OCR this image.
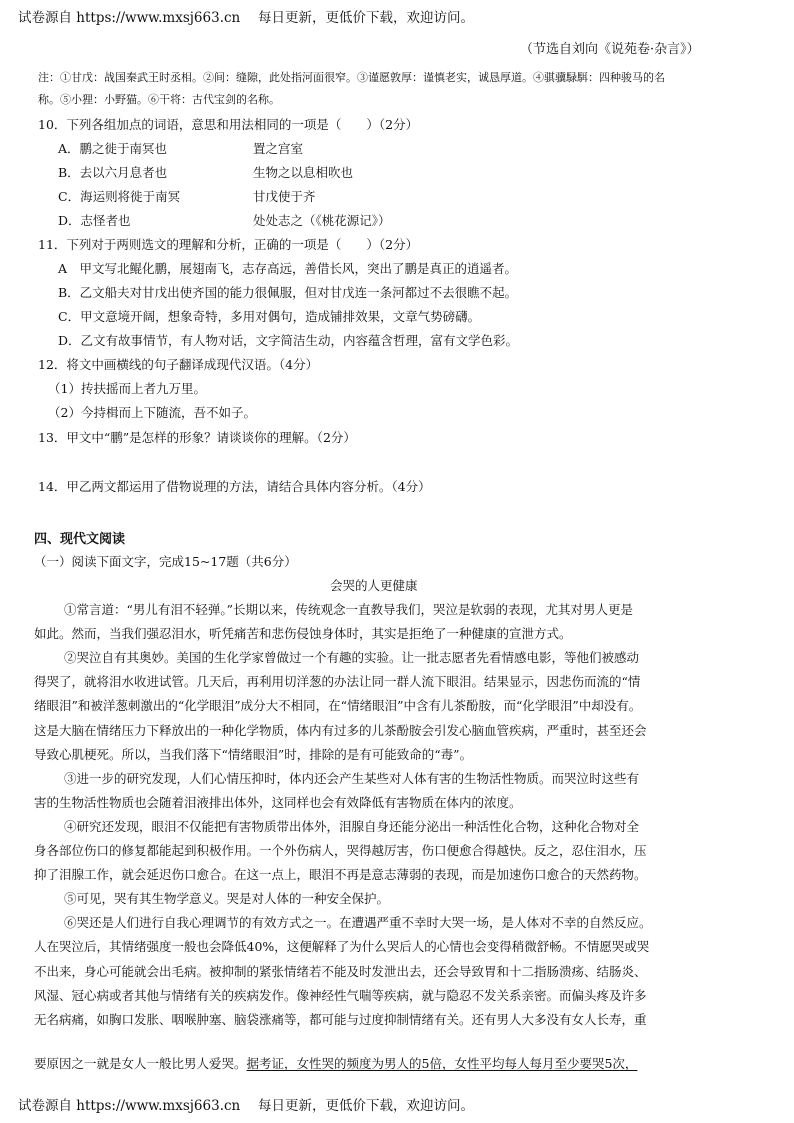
试卷源自 https://www.mxsj663.cn　 每日更新，更低价下载，欢迎访问。
（节选自刘向《说苑卷·杂言》）
注：①甘戊：战国秦武王时丞相。②间：缝隙，此处指河面很窄。③谨愿敦厚：谨慎老实，诚恳厚道。④骐骥騄駬：四种骏马的名
称。⑤小狸：小野猫。⑥干将：古代宝剑的名称。
10．下列各组加点的词语，意思和用法相同的一项是（　　）（2分）
A．鹏之徙于南冥也	置之宫室
B．去以六月息者也	生物之以息相吹也
C．海运则将徙于南冥	甘戊使于齐
D．志怪者也	处处志之（《桃花源记》）
11．下列对于两则选文的理解和分析，正确的一项是（　　）（2分）
A　甲文写北鲲化鹏，展翅南飞，志存高远，善借长风，突出了鹏是真正的逍遥者。
B．乙文船夫对甘戊出使齐国的能力很佩服，但对甘戊连一条河都过不去很瞧不起。
C．甲文意境开阔，想象奇特，多用对偶句，造成铺排效果，文章气势磅礴。
D．乙文有故事情节，有人物对话，文字简洁生动，内容蕴含哲理，富有文学色彩。
12．将文中画横线的句子翻译成现代汉语。（4分）
（1）抟扶摇而上者九万里。
（2）今持楫而上下随流，吾不如子。
13．甲文中“鹏”是怎样的形象？请谈谈你的理解。（2分）
14．甲乙两文都运用了借物说理的方法，请结合具体内容分析。（4分）
四、现代文阅读
（一）阅读下面文字，完成15~17题（共6分）
会哭的人更健康
①常言道：“男儿有泪不轻弹。”长期以来，传统观念一直教导我们，哭泣是软弱的表现，尤其对男人更是
如此。然而，当我们强忍泪水，听凭痛苦和悲伤侵蚀身体时，其实是拒绝了一种健康的宣泄方式。
②哭泣自有其奥妙。美国的生化学家曾做过一个有趣的实验。让一批志愿者先看情感电影，等他们被感动
得哭了，就将泪水收进试管。几天后，再利用切洋葱的办法让同一群人流下眼泪。结果显示，因悲伤而流的“情
绪眼泪”和被洋葱刺激出的“化学眼泪”成分大不相同，在“情绪眼泪”中含有儿茶酚胺，而“化学眼泪”中却没有。
这是大脑在情绪压力下释放出的一种化学物质，体内有过多的儿茶酚胺会引发心脑血管疾病，严重时，甚至还会
导致心肌梗死。所以，当我们落下“情绪眼泪”时，排除的是有可能致命的“毒”。
③进一步的研究发现，人们心情压抑时，体内还会产生某些对人体有害的生物活性物质。而哭泣时这些有
害的生物活性物质也会随着泪液排出体外，这同样也会有效降低有害物质在体内的浓度。
④研究还发现，眼泪不仅能把有害物质带出体外，泪腺自身还能分泌出一种活性化合物，这种化合物对全
身各部位伤口的修复都能起到积极作用。一个外伤病人，哭得越厉害，伤口便愈合得越快。反之，忍住泪水，压
抑了泪腺工作，就会延迟伤口愈合。在这一点上，眼泪不再是意志薄弱的表现，而是加速伤口愈合的天然药物。
⑤可见，哭有其生物学意义。哭是对人体的一种安全保护。
⑥哭还是人们进行自我心理调节的有效方式之一。在遭遇严重不幸时大哭一场，是人体对不幸的自然反应。
人在哭泣后，其情绪强度一般也会降低40%，这便解释了为什么哭后人的心情也会变得稍微舒畅。不情愿哭或哭
不出来，身心可能就会出毛病。被抑制的紧张情绪若不能及时发泄出去，还会导致胃和十二指肠溃疡、结肠炎、
风湿、冠心病或者其他与情绪有关的疾病发作。像神经性气喘等疾病，就与隐忍不发关系亲密。而偏头疼及许多
无名病痛，如胸口发胀、咽喉肿塞、脑袋涨痛等，都可能与过度抑制情绪有关。还有男人大多没有女人长寿，重
要原因之一就是女人一般比男人爱哭。据考证，女性哭的频度为男人的5倍，女性平均每人每月至少要哭5次，
试卷源自 https://www.mxsj663.cn　 每日更新，更低价下载，欢迎访问。
